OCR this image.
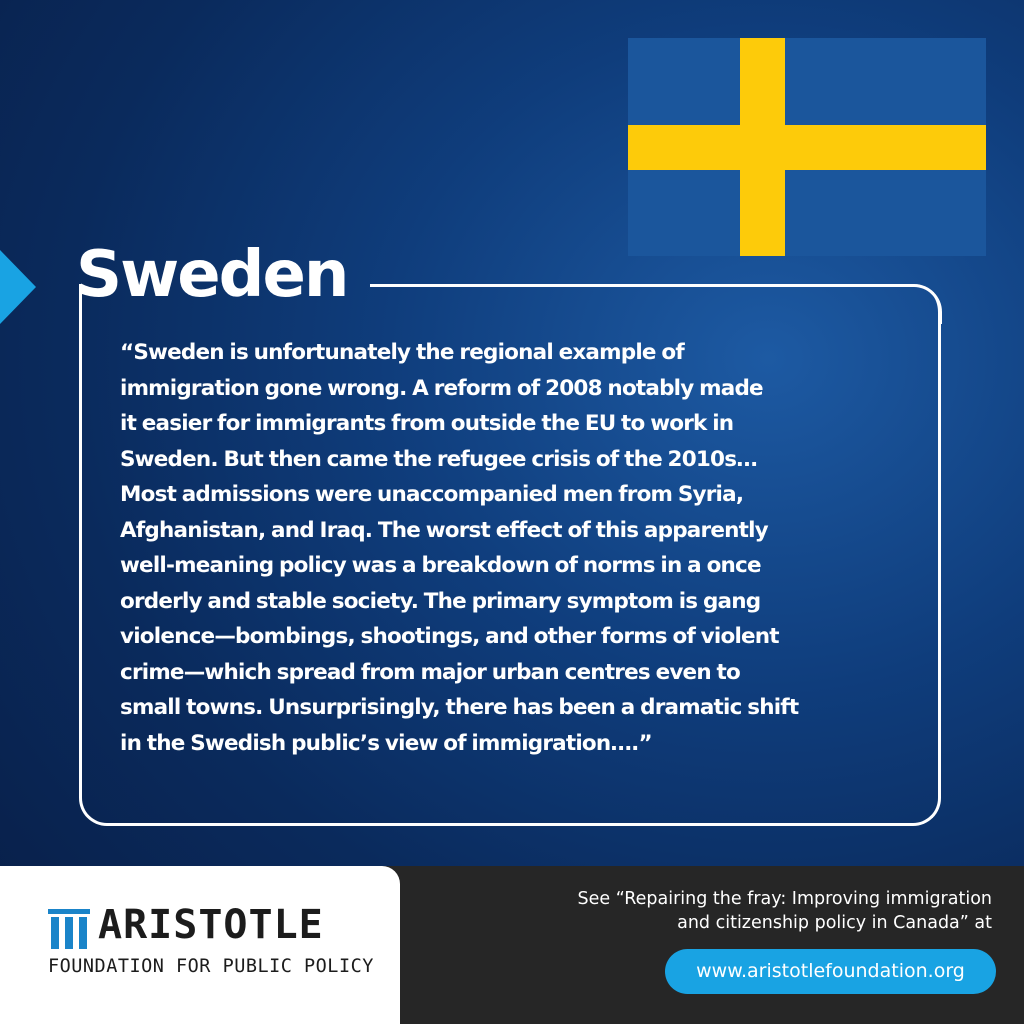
Sweden
“Sweden is unfortunately the regional example of
immigration gone wrong. A reform of 2008 notably made
it easier for immigrants from outside the EU to work in
Sweden. But then came the refugee crisis of the 2010s…
Most admissions were unaccompanied men from Syria,
Afghanistan, and Iraq. The worst effect of this apparently
well-meaning policy was a breakdown of norms in a once
orderly and stable society. The primary symptom is gang
violence—bombings, shootings, and other forms of violent
crime—which spread from major urban centres even to
small towns. Unsurprisingly, there has been a dramatic shift
in the Swedish public’s view of immigration….”
ARISTOTLE
FOUNDATION FOR PUBLIC POLICY
See “Repairing the fray: Improving immigration
and citizenship policy in Canada” at
www.aristotlefoundation.org
